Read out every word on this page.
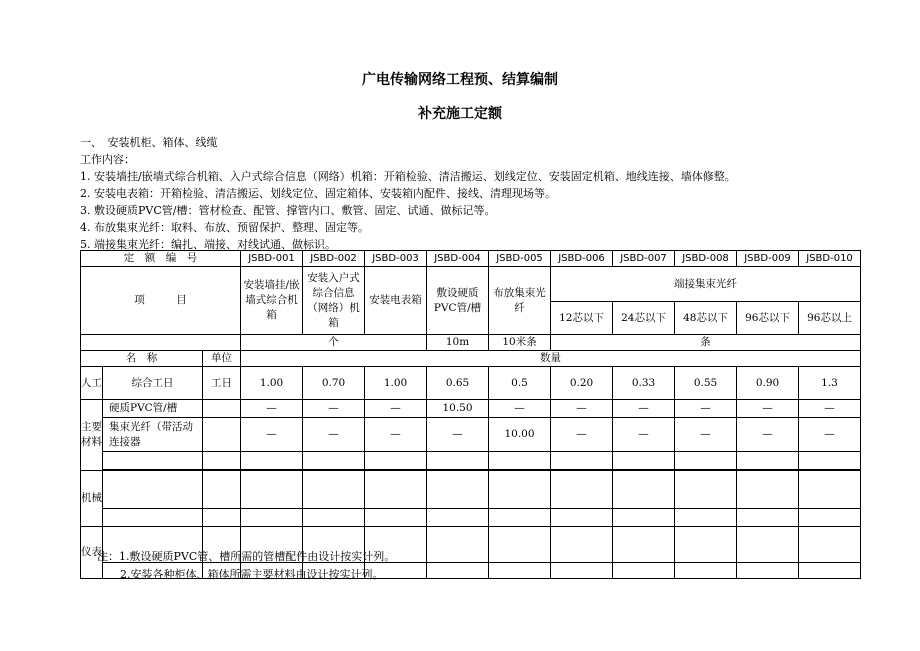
广电传输网络工程预、结算编制
补充施工定额
一、　安装机柜、箱体、线缆
工作内容：
1. 安装墙挂/嵌墙式综合机箱、入户式综合信息（网络）机箱：开箱检验、清洁搬运、划线定位、安装固定机箱、地线连接、墙体修整。
2. 安装电表箱：开箱检验、清洁搬运、划线定位、固定箱体、安装箱内配件、接线、清理现场等。
3. 敷设硬质PVC管/槽：管材检查、配管、撑管内口、敷管、固定、试通、做标记等。
4. 布放集束光纤：取料、布放、预留保护、整理、固定等。
5. 端接集束光纤：编扎、端接、对线试通、做标识。
定　额　编　号			JSBD-001	JSBD-002	JSBD-003	JSBD-004	JSBD-005	JSBD-006	JSBD-007	JSBD-008	JSBD-009	JSBD-010
项　　　目			安装墙挂/嵌墙式综合机箱	安装入户式综合信息（网络）机箱	安装电表箱	敷设硬质PVC管/槽	布放集束光纤	端接集束光纤				
								12芯以下	24芯以下	48芯以下	96芯以下	96芯以上
			个			10m	10米条	条				
名　称		单位	数量									
人工	综合工日	工日	1.00	0.70	1.00	0.65	0.5	0.20	0.33	0.55	0.90	1.3
主要材料	硬质PVC管/槽		—	—	—	10.50	—	—	—	—	—	—
	集束光纤（带活动连接器		—	—	—	—	10.00	—	—	—	—	—

机械												

仪表												

注：1.敷设硬质PVC管、槽所需的管槽配件由设计按实计列。
2.安装各种柜体、箱体所需主要材料由设计按实计列。
